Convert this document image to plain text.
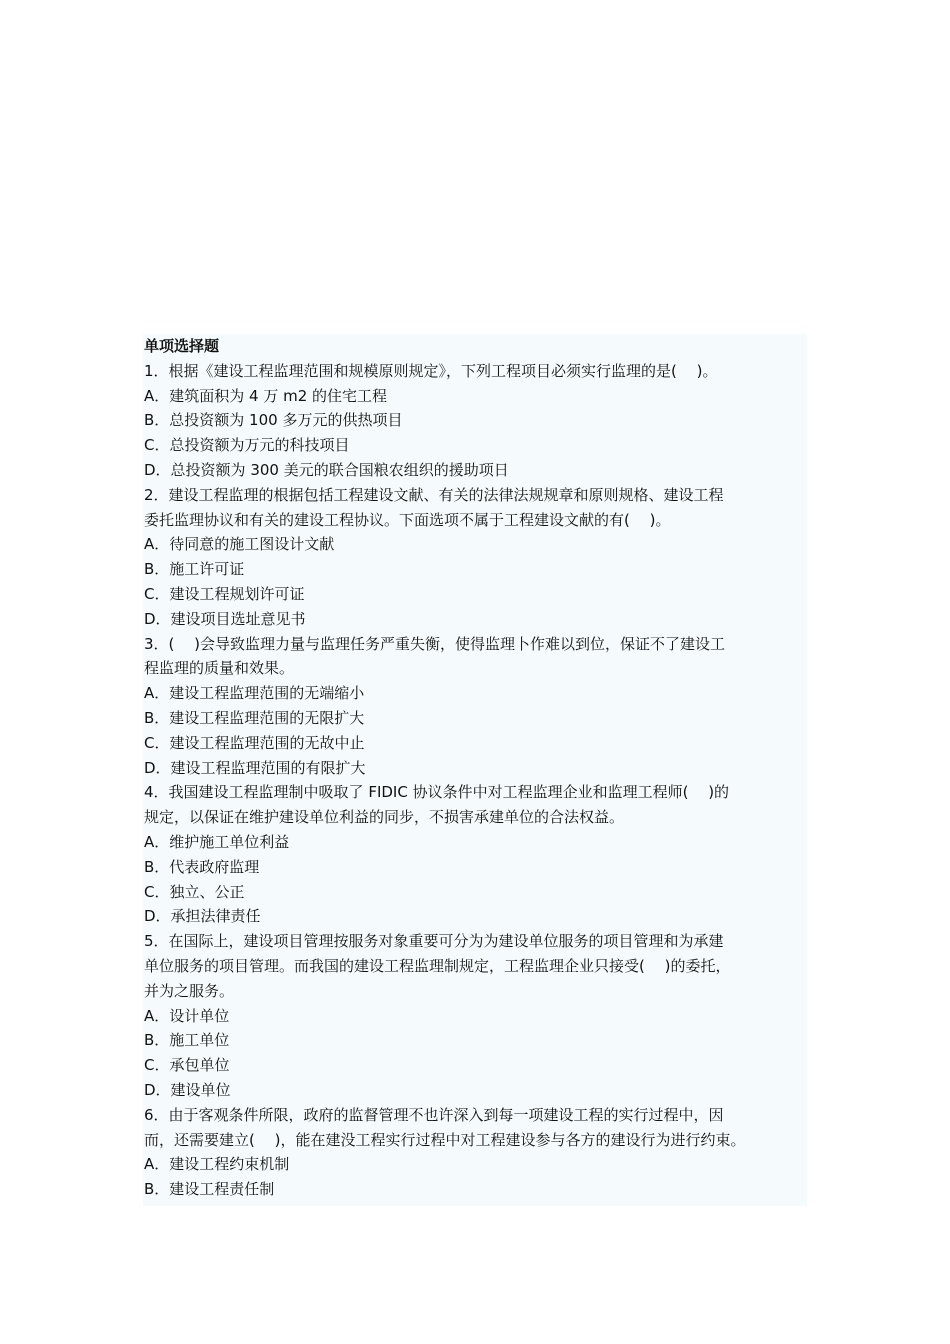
单项选择题
1．根据《建设工程监理范围和规模原则规定》，下列工程项目必须实行监理的是(　 )。
A．建筑面积为 4 万 m2 的住宅工程
B．总投资额为 100 多万元的供热项目
C．总投资额为万元的科技项目
D．总投资额为 300 美元的联合国粮农组织的援助项日
2．建设工程监理的根据包括工程建设文献、有关的法律法规规章和原则规格、建设工程
委托监理协议和有关的建设工程协议。下面选项不属于工程建设文献的有(　 )。
A．待同意的施工图设计文献
B．施工许可证
C．建设工程规划许可证
D．建设项目选址意见书
3．(　 )会导致监理力量与监理任务严重失衡，使得监理卜作难以到位，保证不了建设工
程监理的质量和效果。
A．建设工程监理范围的无端缩小
B．建设工程监理范围的无限扩大
C．建设工程监理范围的无故中止
D．建设工程监理范围的有限扩大
4．我国建设工程监理制中吸取了 FIDIC 协议条件中对工程监理企业和监理工程师(　 )的
规定，以保证在维护建设单位利益的同步，不损害承建单位的合法权益。
A．维护施工单位利益
B．代表政府监理
C．独立、公正
D．承担法律责任
5．在国际上，建设项目管理按服务对象重要可分为为建设单位服务的项目管理和为承建
单位服务的项目管理。而我国的建设工程监理制规定，工程监理企业只接受(　 )的委托，
并为之服务。
A．设计单位
B．施工单位
C．承包单位
D．建设单位
6．由于客观条件所限，政府的监督管理不也许深入到每一项建设工程的实行过程中，因
而，还需要建立(　 )，能在建没工程实行过程中对工程建设参与各方的建设行为进行约束。
A．建设工程约束机制
B．建设工程责任制
